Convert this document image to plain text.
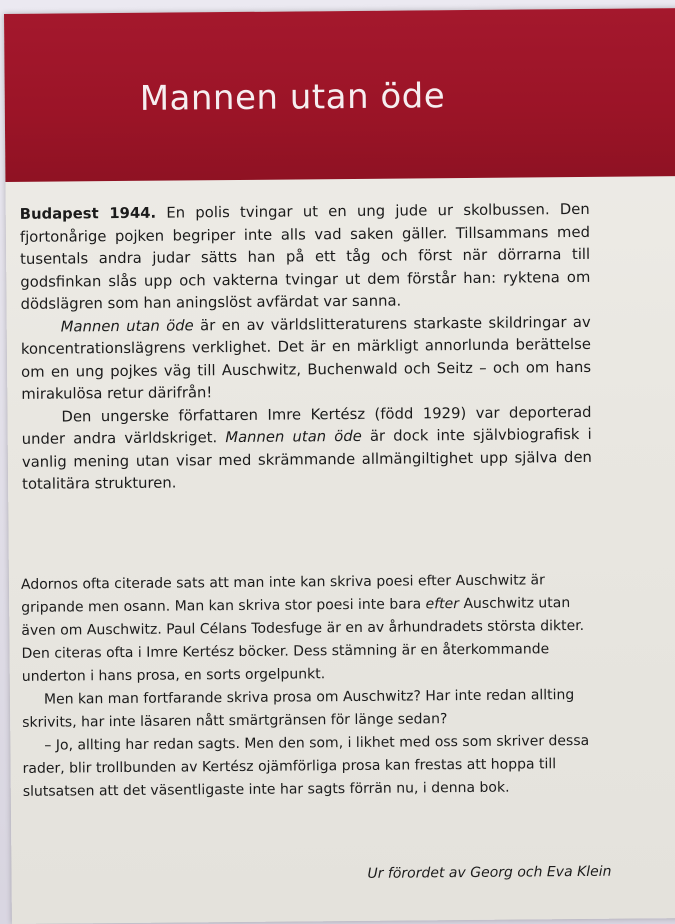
Mannen utan öde

Budapest 1944. En polis tvingar ut en ung jude ur skolbussen. Den fjortonårige pojken begriper inte alls vad saken gäller. Tillsammans med tusentals andra judar sätts han på ett tåg och först när dörrarna till godsfinkan slås upp och vakterna tvingar ut dem förstår han: ryktena om dödslägren som han aningslöst avfärdat var sanna.

Mannen utan öde är en av världslitteraturens starkaste skildringar av koncentrationslägrens verklighet. Det är en märkligt annorlunda berättelse om en ung pojkes väg till Auschwitz, Buchenwald och Seitz – och om hans mirakulösa retur därifrån!

Den ungerske författaren Imre Kertész (född 1929) var deporterad under andra världskriget. Mannen utan öde är dock inte självbiografisk i vanlig mening utan visar med skrämmande allmängiltighet upp själva den totalitära strukturen.

Adornos ofta citerade sats att man inte kan skriva poesi efter Auschwitz är gripande men osann. Man kan skriva stor poesi inte bara efter Auschwitz utan även om Auschwitz. Paul Célans Todesfuge är en av århundradets största dikter. Den citeras ofta i Imre Kertész böcker. Dess stämning är en återkommande underton i hans prosa, en sorts orgelpunkt.

Men kan man fortfarande skriva prosa om Auschwitz? Har inte redan allting skrivits, har inte läsaren nått smärtgränsen för länge sedan?

– Jo, allting har redan sagts. Men den som, i likhet med oss som skriver dessa rader, blir trollbunden av Kertész ojämförliga prosa kan frestas att hoppa till slutsatsen att det väsentligaste inte har sagts förrän nu, i denna bok.

Ur förordet av Georg och Eva Klein
